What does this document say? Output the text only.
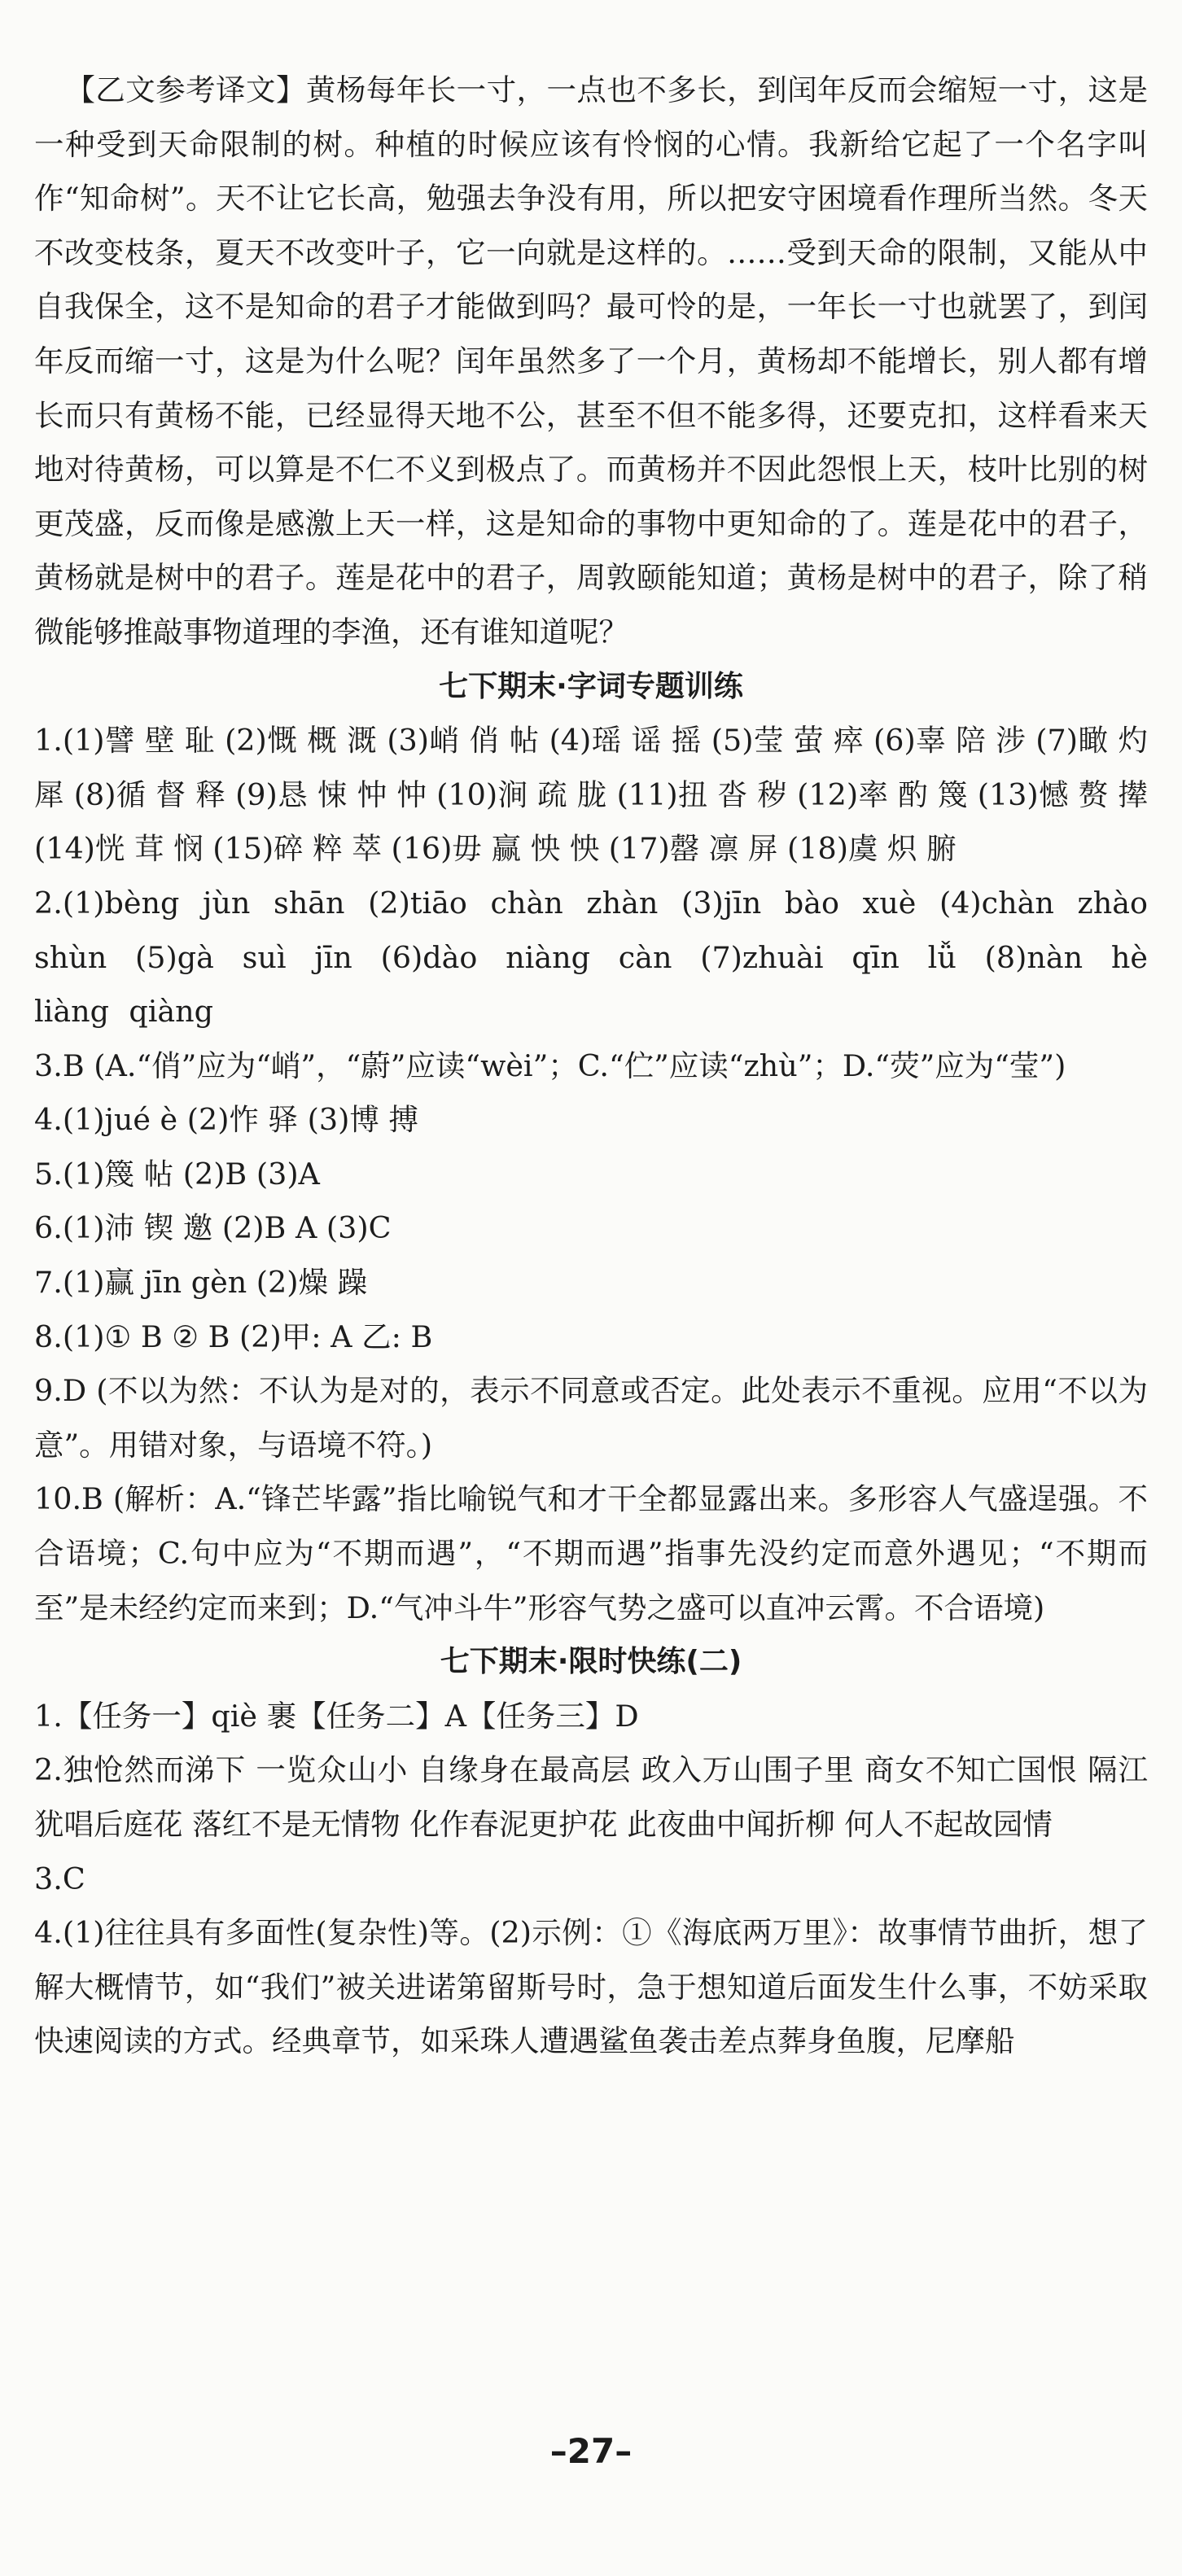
【乙文参考译文】黄杨每年长一寸，一点也不多长，到闰年反而会缩短一寸，这是一种受到天命限制的树。种植的时候应该有怜悯的心情。我新给它起了一个名字叫作“知命树”。天不让它长高，勉强去争没有用，所以把安守困境看作理所当然。冬天不改变枝条，夏天不改变叶子，它一向就是这样的。……受到天命的限制，又能从中自我保全，这不是知命的君子才能做到吗？最可怜的是，一年长一寸也就罢了，到闰年反而缩一寸，这是为什么呢？闰年虽然多了一个月，黄杨却不能增长，别人都有增长而只有黄杨不能，已经显得天地不公，甚至不但不能多得，还要克扣，这样看来天地对待黄杨，可以算是不仁不义到极点了。而黄杨并不因此怨恨上天，枝叶比别的树更茂盛，反而像是感激上天一样，这是知命的事物中更知命的了。莲是花中的君子，黄杨就是树中的君子。莲是花中的君子，周敦颐能知道；黄杨是树中的君子，除了稍微能够推敲事物道理的李渔，还有谁知道呢？

七下期末·字词专题训练

1.(1)譬 壁 耻 (2)慨 概 溉 (3)峭 俏 帖 (4)瑶 谣 摇 (5)莹 萤 瘁 (6)辜 陪 涉 (7)瞰 灼 犀 (8)循 督 释 (9)恳 悚 忡 忡 (10)涧 疏 胧 (11)扭 沓 秽 (12)率 酌 篾 (13)憾 赘 撵 (14)恍 茸 悯 (15)碎 粹 萃 (16)毋 赢 怏 怏 (17)罄 凛 屏 (18)虞 炽 腑

2.(1)bèng jùn shān (2)tiāo chàn zhàn (3)jīn bào xuè (4)chàn zhào shùn (5)gà suì jīn (6)dào niàng càn (7)zhuài qīn lǚ (8)nàn hè liàng qiàng

3.B (A.“俏”应为“峭”，“蔚”应读“wèi”；C.“伫”应读“zhù”；D.“荧”应为“莹”)

4.(1)jué è (2)怍 驿 (3)博 搏

5.(1)篾 帖 (2)B (3)A

6.(1)沛 锲 邀 (2)B A (3)C

7.(1)赢 jīn gèn (2)燥 躁

8.(1)① B ② B (2)甲: A 乙: B

9.D (不以为然：不认为是对的，表示不同意或否定。此处表示不重视。应用“不以为意”。用错对象，与语境不符。)

10.B (解析：A.“锋芒毕露”指比喻锐气和才干全都显露出来。多形容人气盛逞强。不合语境；C.句中应为“不期而遇”，“不期而遇”指事先没约定而意外遇见；“不期而至”是未经约定而来到；D.“气冲斗牛”形容气势之盛可以直冲云霄。不合语境)

七下期末·限时快练(二)

1.【任务一】qiè 裹【任务二】A【任务三】D

2.独怆然而涕下 一览众山小 自缘身在最高层 政入万山围子里 商女不知亡国恨 隔江犹唱后庭花 落红不是无情物 化作春泥更护花 此夜曲中闻折柳 何人不起故园情

3.C

4.(1)往往具有多面性(复杂性)等。(2)示例：①《海底两万里》：故事情节曲折，想了解大概情节，如“我们”被关进诺第留斯号时，急于想知道后面发生什么事，不妨采取快速阅读的方式。经典章节，如采珠人遭遇鲨鱼袭击差点葬身鱼腹，尼摩船

–27–
